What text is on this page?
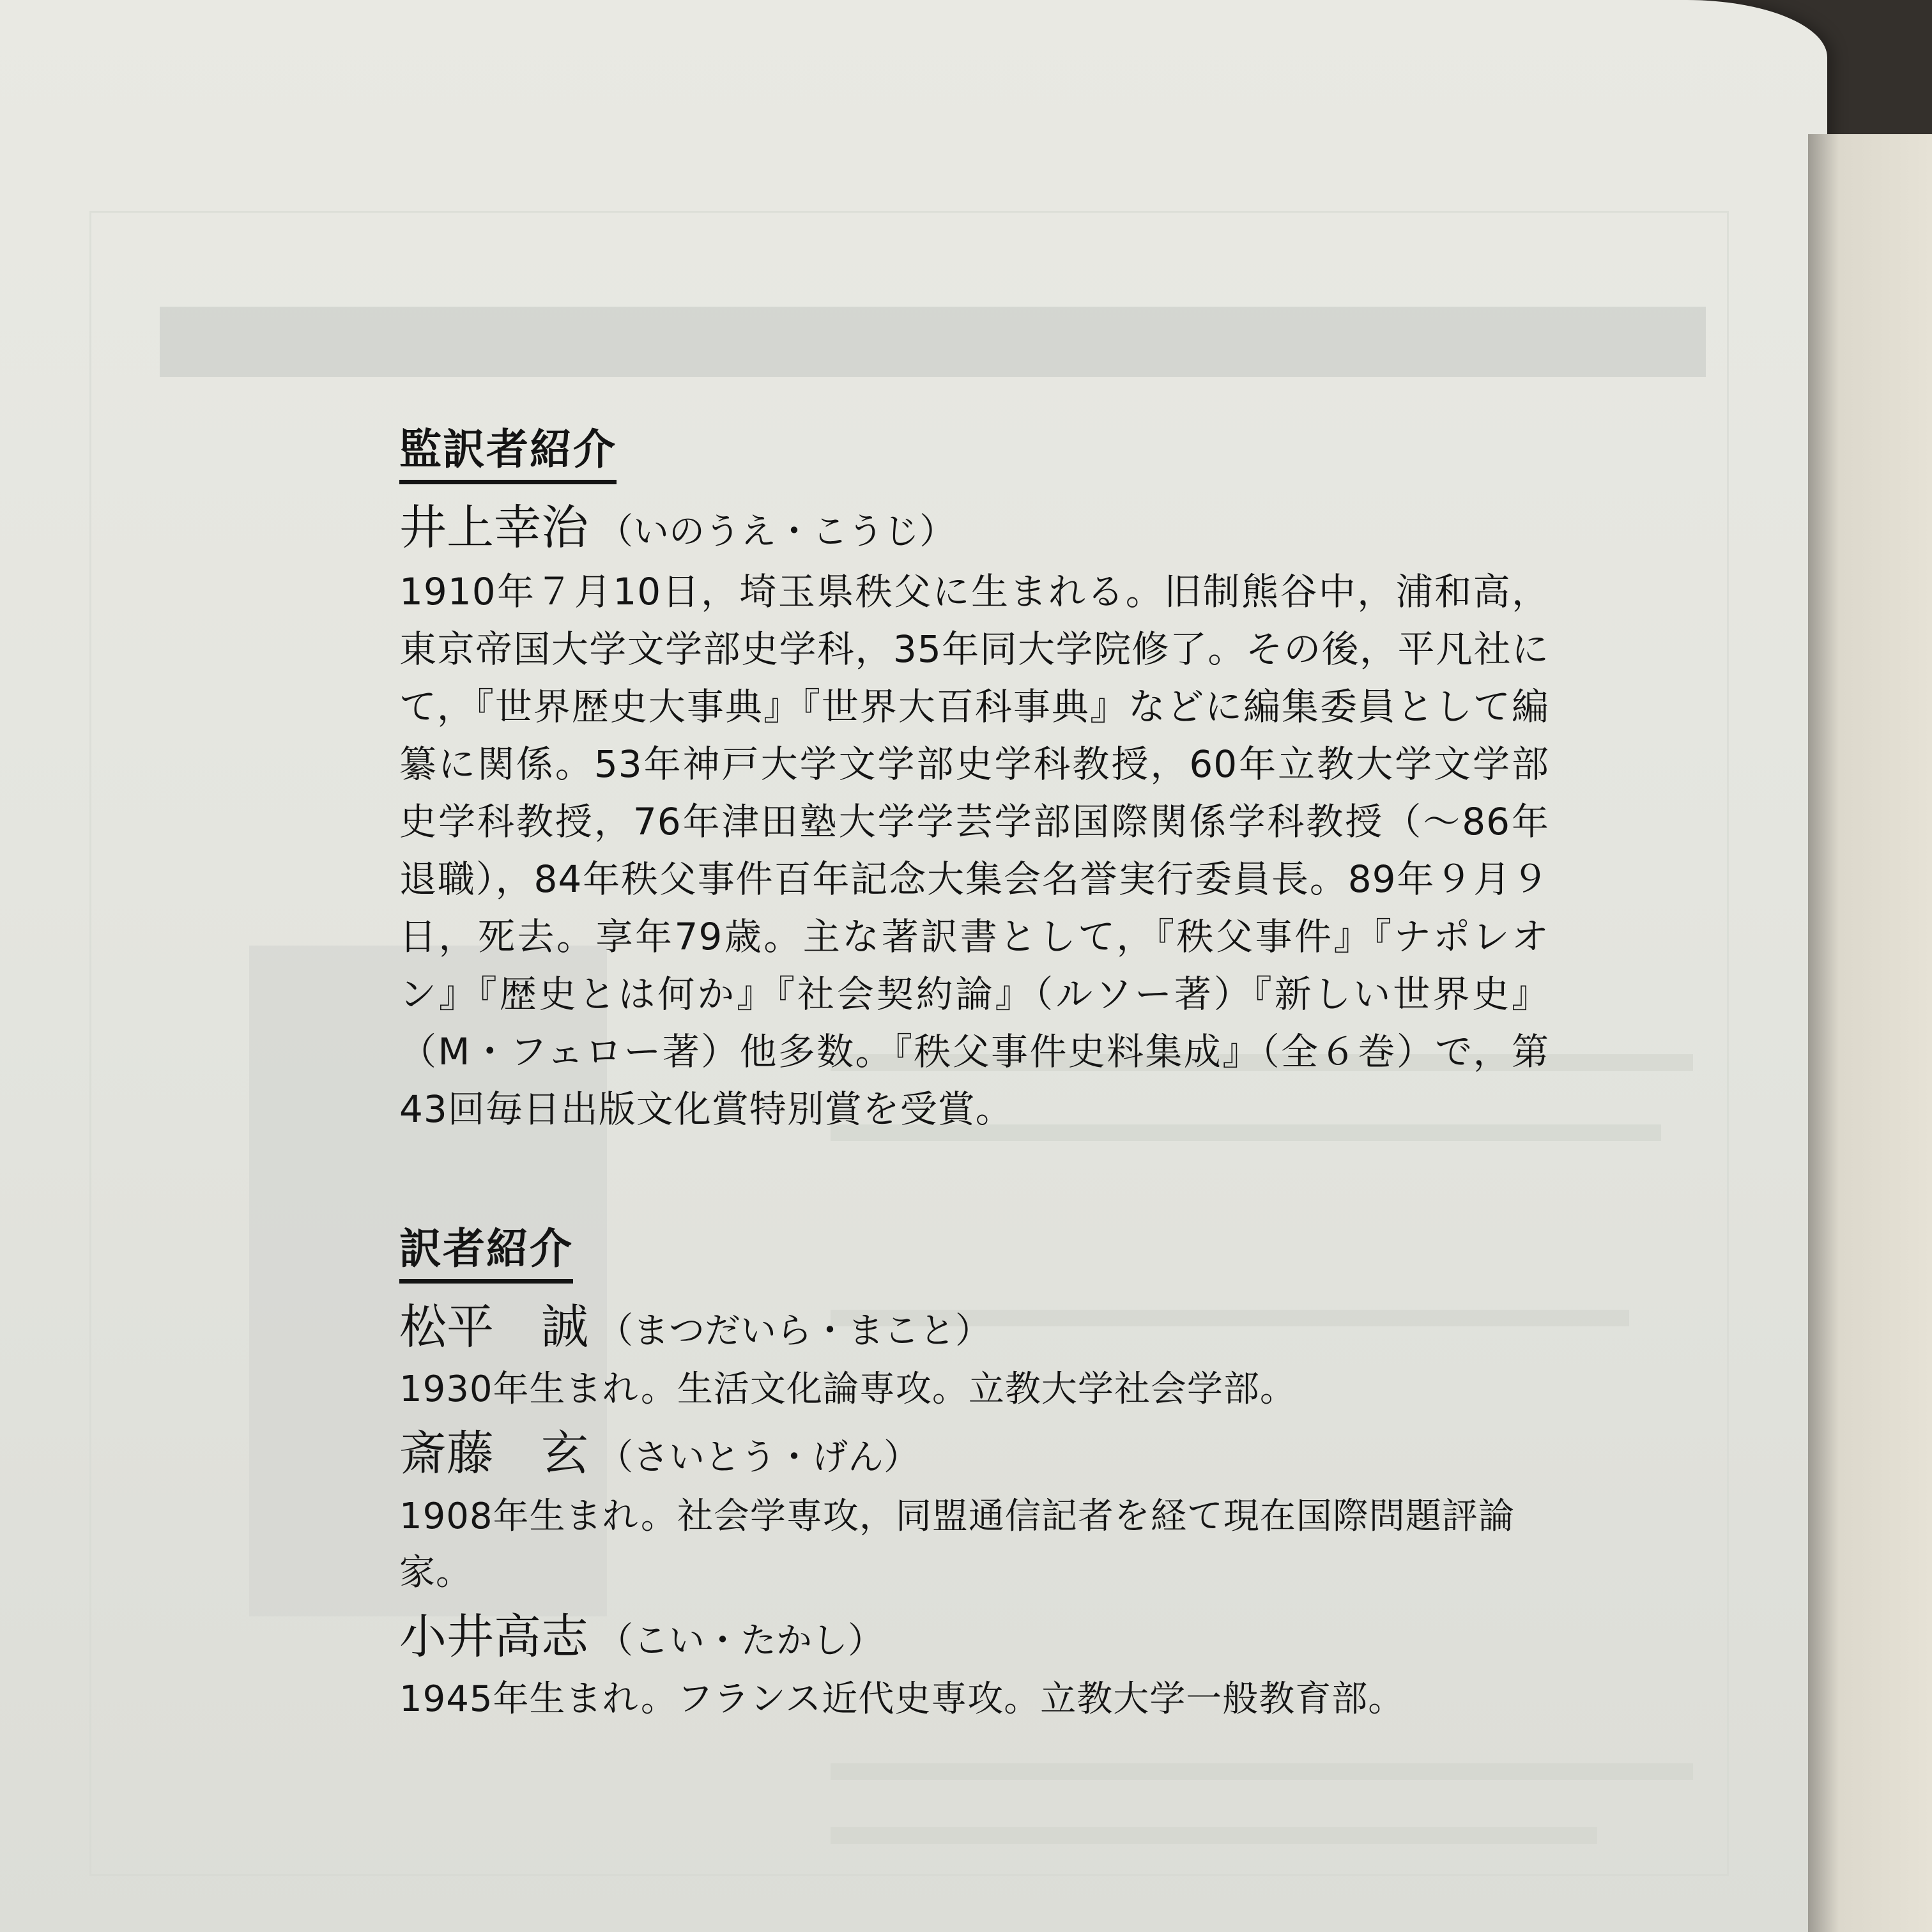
監訳者紹介
井上幸治 （いのうえ・こうじ）

1910年７月10日，埼玉県秩父に生まれる。旧制熊谷中，浦和高，東京帝国大学文学部史学科，35年同大学院修了。その後，平凡社にて，『世界歴史大事典』『世界大百科事典』などに編集委員として編纂に関係。53年神戸大学文学部史学科教授，60年立教大学文学部史学科教授，76年津田塾大学学芸学部国際関係学科教授（〜86年退職），84年秩父事件百年記念大集会名誉実行委員長。89年９月９日，死去。享年79歳。主な著訳書として，『秩父事件』『ナポレオン』『歴史とは何か』『社会契約論』（ルソー著）『新しい世界史』（M・フェロー著）他多数。『秩父事件史料集成』（全６巻）で，第43回毎日出版文化賞特別賞を受賞。

訳者紹介
松平　誠 （まつだいら・まこと）

1930年生まれ。生活文化論専攻。立教大学社会学部。

斎藤　玄 （さいとう・げん）

1908年生まれ。社会学専攻，同盟通信記者を経て現在国際問題評論家。

小井高志 （こい・たかし）

1945年生まれ。フランス近代史専攻。立教大学一般教育部。
